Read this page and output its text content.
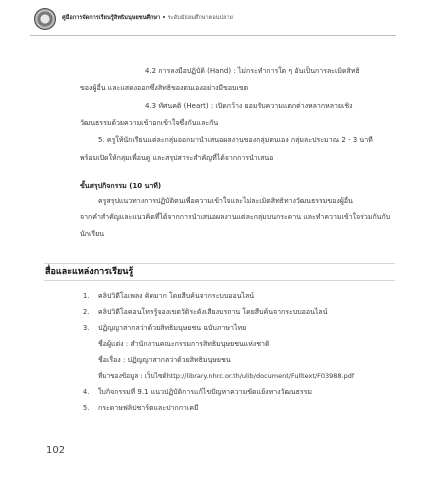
คู่มือการจัดการเรียนรู้สิทธิมนุษยชนศึกษา • ระดับมัธยมศึกษาตอนปลาย
4.2 การลงมือปฏิบัติ (Hand) : ไม่กระทำการใด ๆ อันเป็นการละเมิดสิทธิ
ของผู้อื่น และแสดงออกซึ่งสิทธิของตนเองอย่างมีขอบเขต
4.3 ทัศนคติ (Heart) : เปิดกว้าง ยอมรับความแตกต่างหลากหลายเชิง
วัฒนธรรมด้วยความเข้าอกเข้าใจซึ่งกันและกัน
5. ครูให้นักเรียนแต่ละกลุ่มออกมานำเสนอผลงานของกลุ่มตนเอง กลุ่มละประมาณ 2 - 3 นาที
พร้อมเปิดให้กลุ่มเพื่อนดู และสรุปสาระสำคัญที่ได้จากการนำเสนอ
ขั้นสรุปกิจกรรม (10 นาที)
ครูสรุปแนวทางการปฏิบัติตนเพื่อความเข้าใจและไม่ละเมิดสิทธิทางวัฒนธรรมของผู้อื่น
จากคำสำคัญและแนวคิดที่ได้จากการนำเสนอผลงานแต่ละกลุ่มบนกระดาน และทำความเข้าใจร่วมกันกับ
นักเรียน
สื่อและแหล่งการเรียนรู้
1. คลิปวิดีโอเพลง คิดมาก โดยสืบค้นจากระบบออนไลน์
2. คลิปวิดีโอคอนโทรรู้จองเขตวัติระดังเสียงบรถาน โดยสืบค้นจากระบบออนไลน์
3. ปฏิญญาสากลว่าด้วยสิทธิมนุษยชน ฉบับภาษาไทย
ชื่อผู้แต่ง : สำนักงานคณะกรรมการสิทธิมนุษยชนแห่งชาติ
ชื่อเรื่อง : ปฏิญญาสากลว่าด้วยสิทธิมนุษยชน
ที่มาของข้อมูล : เว็บไซต์http://library.nhrc.or.th/ulib/document/Fulltext/F03988.pdf
4. ใบกิจกรรมที่ 9.1 แนวปฏิบัติการแก้ไขปัญหาความขัดแย้งทางวัฒนธรรม
5. กระดาษฟลิปชาร์ตและปากกาเคมี
102
